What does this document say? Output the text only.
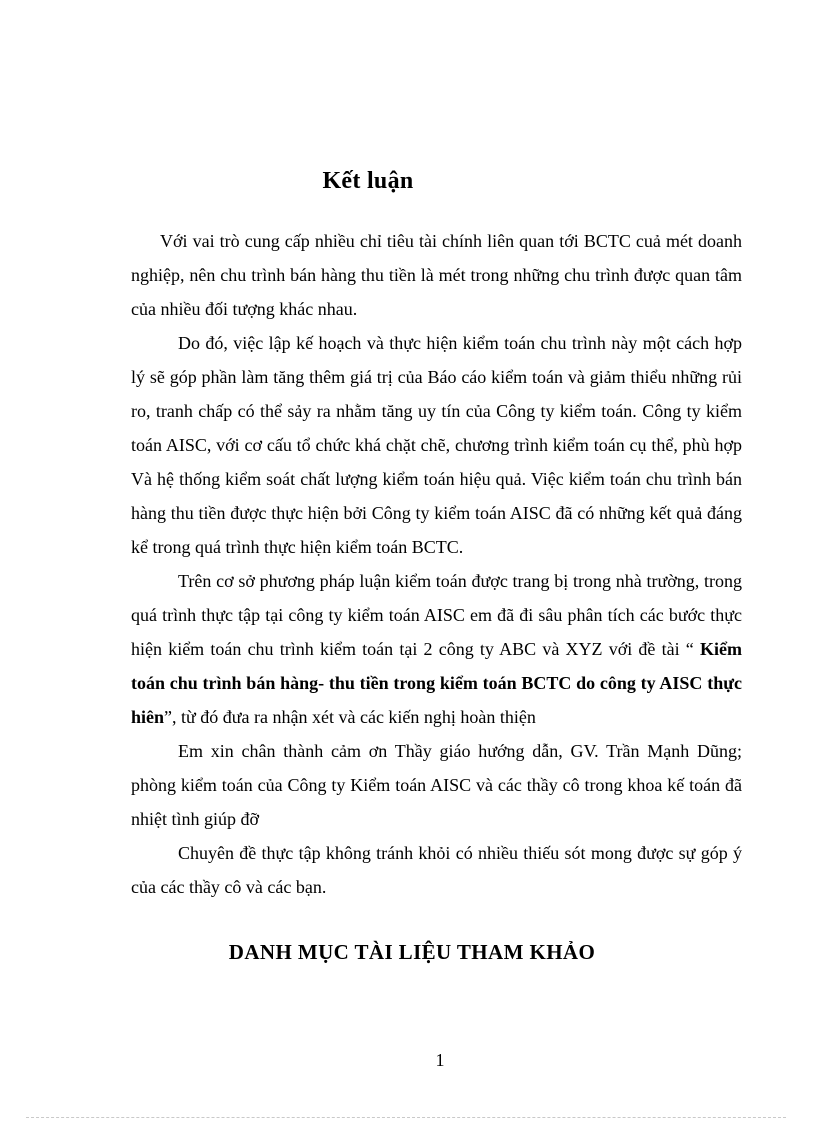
Kết luận

Với vai trò cung cấp nhiều chỉ tiêu tài chính liên quan tới BCTC cuả mét doanh nghiệp, nên chu trình bán hàng thu tiền là mét trong những chu trình được quan tâm của nhiều đối tượng khác nhau.

Do đó, việc lập kế hoạch và thực hiện kiểm toán chu trình này một cách hợp lý sẽ góp phần làm tăng thêm giá trị của Báo cáo kiểm toán và giảm thiểu những rủi ro, tranh chấp có thể sảy ra nhằm tăng uy tín của Công ty kiểm toán. Công ty kiểm toán AISC, với cơ cấu tổ chức khá chặt chẽ, chương trình kiểm toán cụ thể, phù hợp Và hệ thống kiểm soát chất lượng kiểm toán hiệu quả. Việc kiểm toán chu trình bán hàng thu tiền được thực hiện bởi Công ty kiểm toán AISC đã có những kết quả đáng kể trong quá trình thực hiện kiểm toán BCTC.

Trên cơ sở phương pháp luận kiểm toán được trang bị trong nhà trường, trong quá trình thực tập tại công ty kiểm toán AISC em đã đi sâu phân tích các bước thực hiện kiểm toán chu trình kiểm toán tại 2 công ty ABC và XYZ với đề tài “ Kiểm toán chu trình bán hàng- thu tiền trong kiểm toán BCTC do công ty AISC thực hiên”, từ đó đưa ra nhận xét và các kiến nghị hoàn thiện

Em xin chân thành cảm ơn Thầy giáo hướng dẫn, GV. Trần Mạnh Dũng; phòng kiểm toán của Công ty Kiểm toán AISC và các thầy cô trong khoa kế toán đã nhiệt tình giúp đỡ

Chuyên đề thực tập không tránh khỏi có nhiều thiếu sót mong được sự góp ý của các thầy cô và các bạn.

DANH MỤC TÀI LIỆU THAM KHẢO
1
